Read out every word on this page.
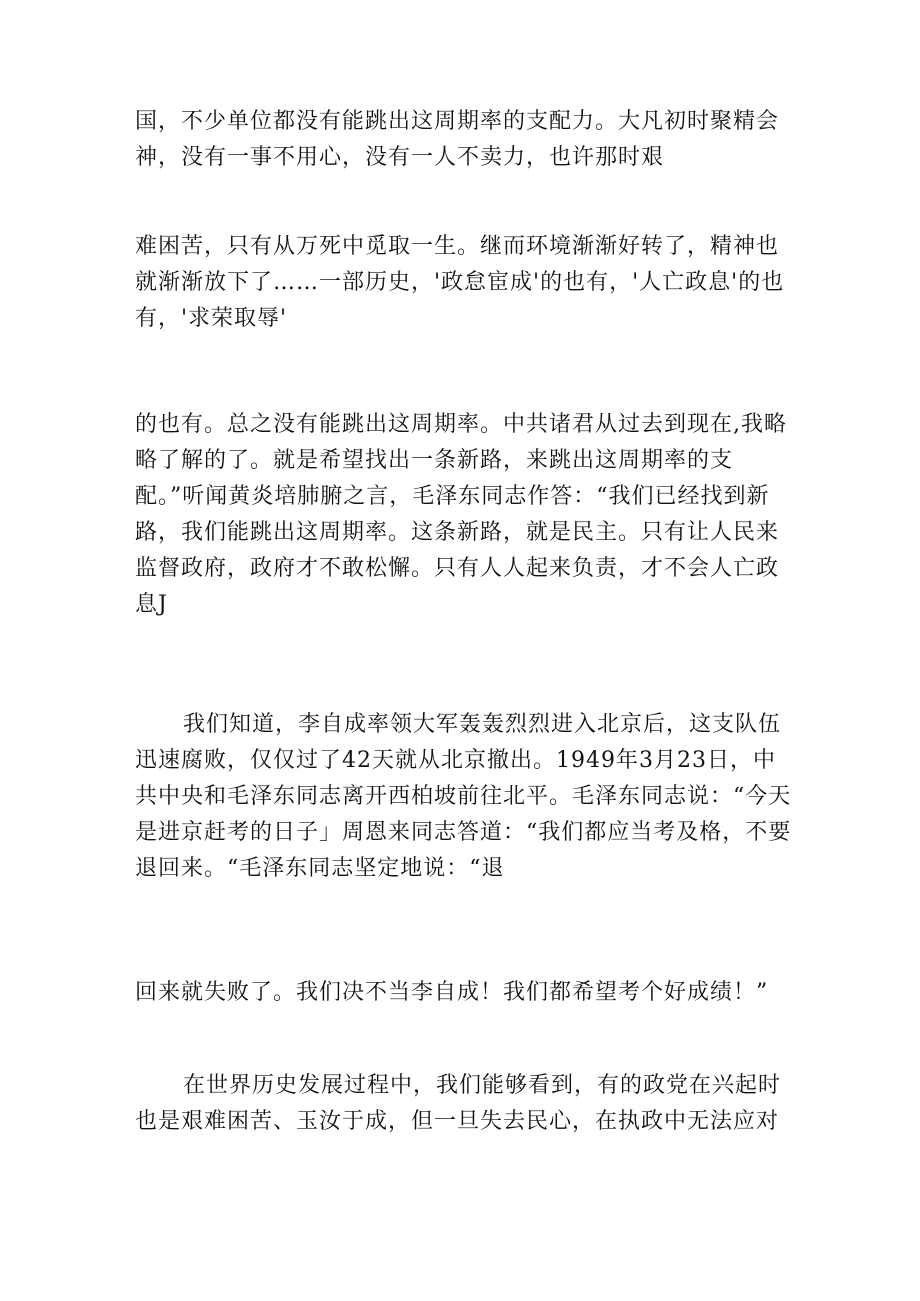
国，不少单位都没有能跳出这周期率的支配力。大凡初时聚精会神，没有一事不用心，没有一人不卖力，也许那时艰

难困苦，只有从万死中觅取一生。继而环境渐渐好转了，精神也就渐渐放下了……一部历史，'政怠宦成'的也有，'人亡政息'的也有，'求荣取辱'

的也有。总之没有能跳出这周期率。中共诸君从过去到现在,我略略了解的了。就是希望找出一条新路，来跳出这周期率的支配。”听闻黄炎培肺腑之言，毛泽东同志作答：“我们已经找到新路，我们能跳出这周期率。这条新路，就是民主。只有让人民来监督政府，政府才不敢松懈。只有人人起来负责，才不会人亡政息J

我们知道，李自成率领大军轰轰烈烈进入北京后，这支队伍迅速腐败，仅仅过了42天就从北京撤出。1949年3月23日，中共中央和毛泽东同志离开西柏坡前往北平。毛泽东同志说：“今天是进京赶考的日子」周恩来同志答道：“我们都应当考及格，不要退回来。“毛泽东同志坚定地说：“退

回来就失败了。我们决不当李自成！我们都希望考个好成绩！”

在世界历史发展过程中，我们能够看到，有的政党在兴起时也是艰难困苦、玉汝于成，但一旦失去民心，在执政中无法应对
